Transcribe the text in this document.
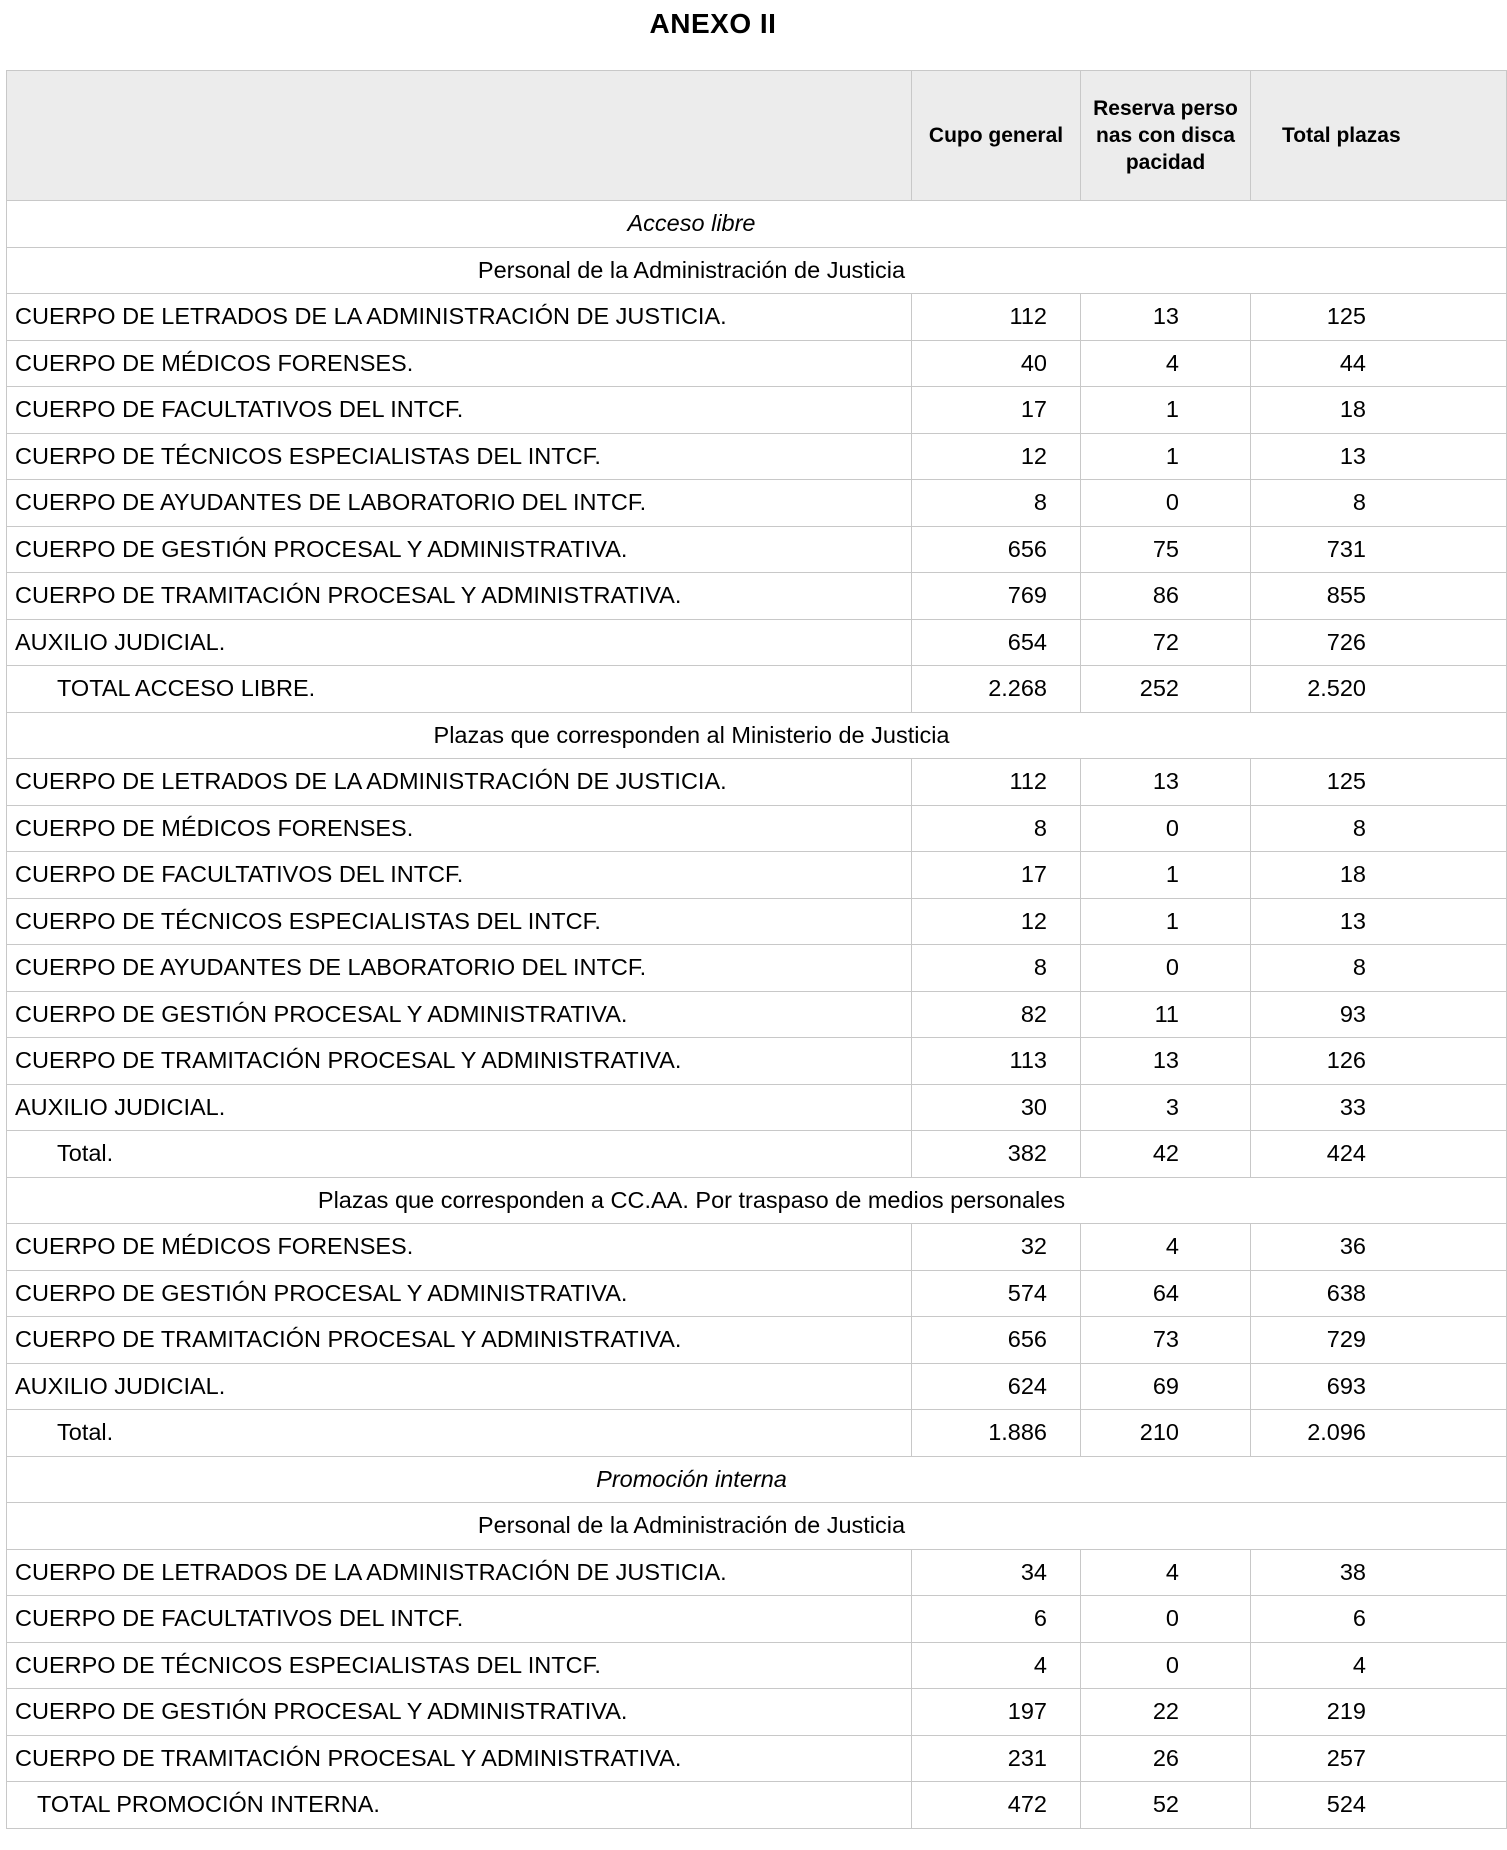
ANEXO II
	Cupo general	Reserva personas con discapacidad	Total plazas
Acceso libre			
Personal de la Administración de Justicia			
CUERPO DE LETRADOS DE LA ADMINISTRACIÓN DE JUSTICIA.	112	13	125
CUERPO DE MÉDICOS FORENSES.	40	4	44
CUERPO DE FACULTATIVOS DEL INTCF.	17	1	18
CUERPO DE TÉCNICOS ESPECIALISTAS DEL INTCF.	12	1	13
CUERPO DE AYUDANTES DE LABORATORIO DEL INTCF.	8	0	8
CUERPO DE GESTIÓN PROCESAL Y ADMINISTRATIVA.	656	75	731
CUERPO DE TRAMITACIÓN PROCESAL Y ADMINISTRATIVA.	769	86	855
AUXILIO JUDICIAL.	654	72	726
TOTAL ACCESO LIBRE.	2.268	252	2.520
Plazas que corresponden al Ministerio de Justicia			
CUERPO DE LETRADOS DE LA ADMINISTRACIÓN DE JUSTICIA.	112	13	125
CUERPO DE MÉDICOS FORENSES.	8	0	8
CUERPO DE FACULTATIVOS DEL INTCF.	17	1	18
CUERPO DE TÉCNICOS ESPECIALISTAS DEL INTCF.	12	1	13
CUERPO DE AYUDANTES DE LABORATORIO DEL INTCF.	8	0	8
CUERPO DE GESTIÓN PROCESAL Y ADMINISTRATIVA.	82	11	93
CUERPO DE TRAMITACIÓN PROCESAL Y ADMINISTRATIVA.	113	13	126
AUXILIO JUDICIAL.	30	3	33
Total.	382	42	424
Plazas que corresponden a CC.AA. Por traspaso de medios personales			
CUERPO DE MÉDICOS FORENSES.	32	4	36
CUERPO DE GESTIÓN PROCESAL Y ADMINISTRATIVA.	574	64	638
CUERPO DE TRAMITACIÓN PROCESAL Y ADMINISTRATIVA.	656	73	729
AUXILIO JUDICIAL.	624	69	693
Total.	1.886	210	2.096
Promoción interna			
Personal de la Administración de Justicia			
CUERPO DE LETRADOS DE LA ADMINISTRACIÓN DE JUSTICIA.	34	4	38
CUERPO DE FACULTATIVOS DEL INTCF.	6	0	6
CUERPO DE TÉCNICOS ESPECIALISTAS DEL INTCF.	4	0	4
CUERPO DE GESTIÓN PROCESAL Y ADMINISTRATIVA.	197	22	219
CUERPO DE TRAMITACIÓN PROCESAL Y ADMINISTRATIVA.	231	26	257
TOTAL PROMOCIÓN INTERNA.	472	52	524
